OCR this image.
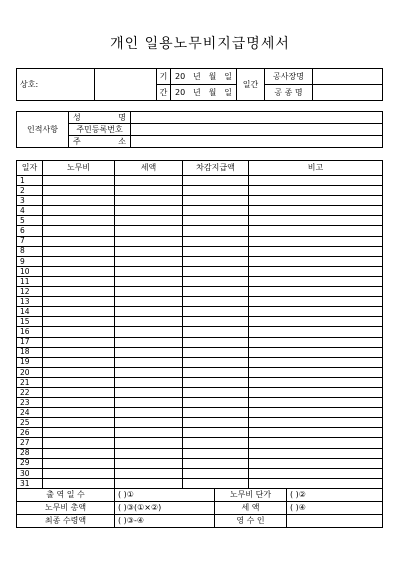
개인 일용노무비지급명세서
상호:		기	20 년 월 일	일간	공사장명	
		간	20 년 월 일		공 종 명	
인적사항	성 명	

	주민등록번호	

	주 소	

일자	노무비	세액	차감지급액	비고
1				
2				
3				
4				
5				
6				
7				
8				
9				
10				
11				
12				
13				
14				
15				
16				
17				
18				
19				
20				
21				
22				
23				
24				
25				
26				
27				
28				
29				
30				
31				
출 역 일 수	( )①	노무비 단가	( )②
노무비 총액	( )③(①×②)	세 액	( )④
최종 수령액	( )③-④	영 수 인	
